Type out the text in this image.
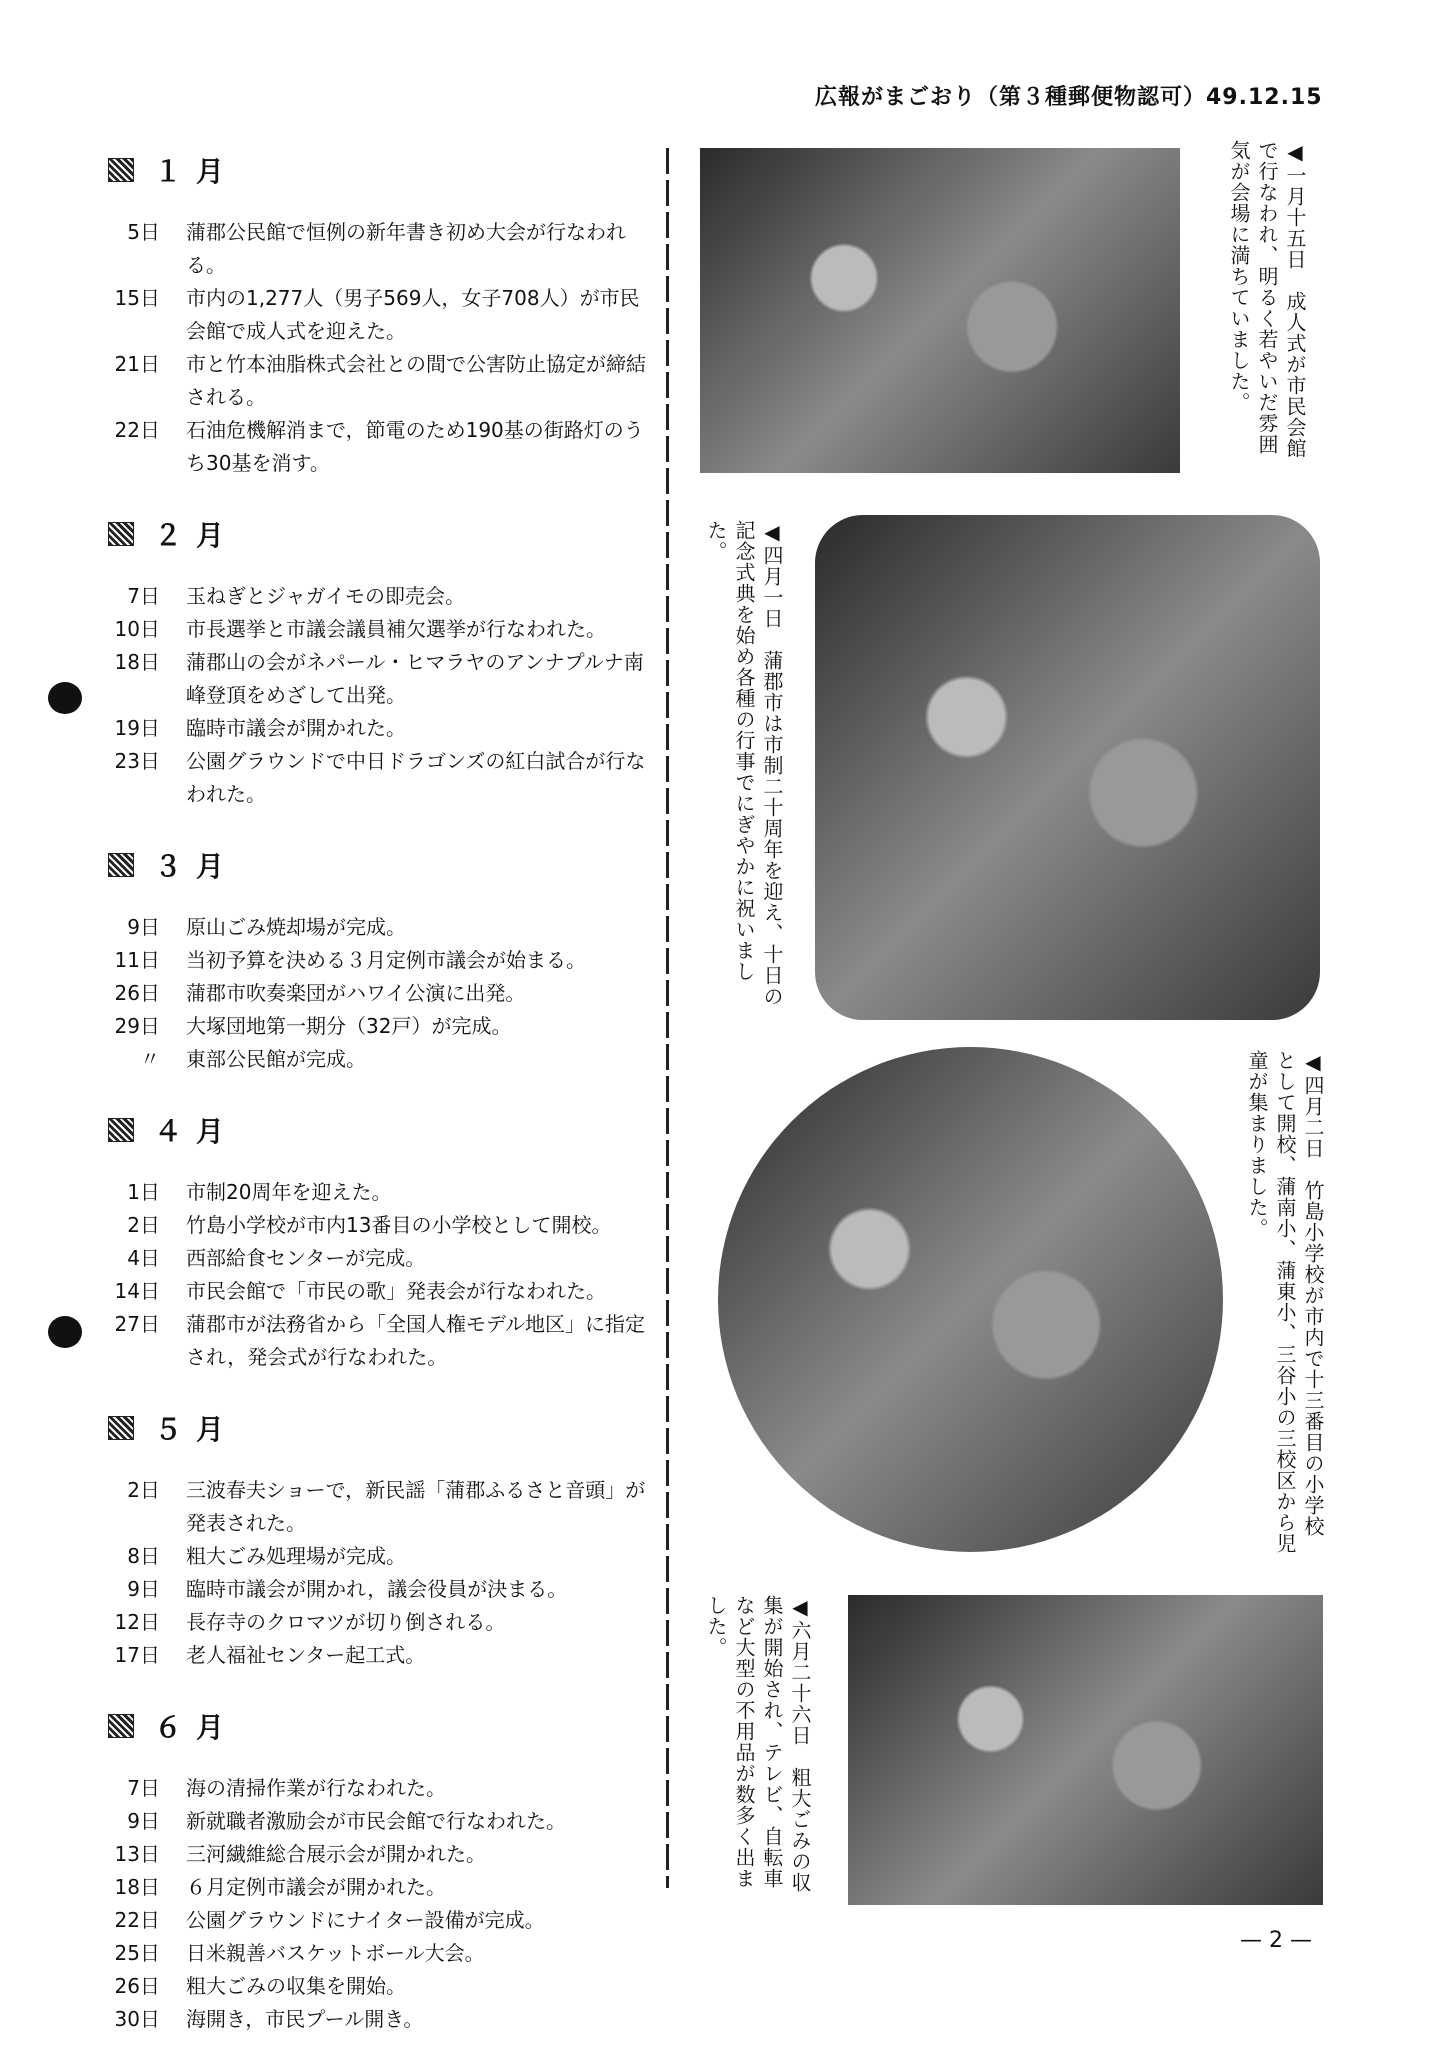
広報がまごおり（第３種郵便物認可）49.12.15
１月
5日 蒲郡公民館で恒例の新年書き初め大会が行なわれる。
15日 市内の1,277人（男子569人，女子708人）が市民会館で成人式を迎えた。
21日 市と竹本油脂株式会社との間で公害防止協定が締結される。
22日 石油危機解消まで，節電のため190基の街路灯のうち30基を消す。
２月
7日 玉ねぎとジャガイモの即売会。
10日 市長選挙と市議会議員補欠選挙が行なわれた。
18日 蒲郡山の会がネパール・ヒマラヤのアンナプルナ南峰登頂をめざして出発。
19日 臨時市議会が開かれた。
23日 公園グラウンドで中日ドラゴンズの紅白試合が行なわれた。
３月
9日 原山ごみ焼却場が完成。
11日 当初予算を決める３月定例市議会が始まる。
26日 蒲郡市吹奏楽団がハワイ公演に出発。
29日 大塚団地第一期分（32戸）が完成。
〃 東部公民館が完成。
４月
1日 市制20周年を迎えた。
2日 竹島小学校が市内13番目の小学校として開校。
4日 西部給食センターが完成。
14日 市民会館で「市民の歌」発表会が行なわれた。
27日 蒲郡市が法務省から「全国人権モデル地区」に指定され，発会式が行なわれた。
５月
2日 三波春夫ショーで，新民謡「蒲郡ふるさと音頭」が発表された。
8日 粗大ごみ処理場が完成。
9日 臨時市議会が開かれ，議会役員が決まる。
12日 長存寺のクロマツが切り倒される。
17日 老人福祉センター起工式。
６月
7日 海の清掃作業が行なわれた。
9日 新就職者激励会が市民会館で行なわれた。
13日 三河繊維総合展示会が開かれた。
18日 ６月定例市議会が開かれた。
22日 公園グラウンドにナイター設備が完成。
25日 日米親善バスケットボール大会。
26日 粗大ごみの収集を開始。
30日 海開き，市民プール開き。
◀一月十五日　成人式が市民会館で行なわれ、明るく若やいだ雰囲気が会場に満ちていました。
◀四月一日　蒲郡市は市制二十周年を迎え、十日の記念式典を始め各種の行事でにぎやかに祝いました。
◀四月二日　竹島小学校が市内で十三番目の小学校として開校、蒲南小、蒲東小、三谷小の三校区から児童が集まりました。
◀六月二十六日　粗大ごみの収集が開始され、テレビ、自転車など大型の不用品が数多く出ました。
— 2 —
